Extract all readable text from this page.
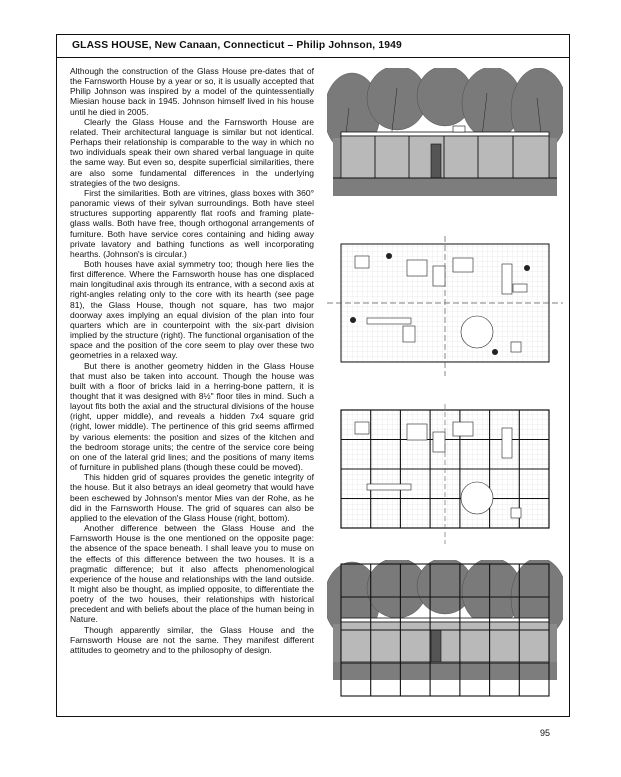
GLASS HOUSE, New Canaan, Connecticut – Philip Johnson, 1949

Although the construction of the Glass House pre-dates that of the Farnsworth House by a year or so, it is usually accepted that Philip Johnson was inspired by a model of the quintessentially Miesian house back in 1945. Johnson himself lived in his house until he died in 2005.

Clearly the Glass House and the Farnsworth House are related. Their architectural language is similar but not identical. Perhaps their relationship is comparable to the way in which no two individuals speak their own shared verbal language in quite the same way. But even so, despite superficial similarities, there are also some fundamental differences in the underlying strategies of the two designs.

First the similarities. Both are vitrines, glass boxes with 360° panoramic views of their sylvan surroundings. Both have steel structures supporting apparently flat roofs and framing plate-glass walls. Both have free, though orthogonal arrangements of furniture. Both have service cores containing and hiding away private lavatory and bathing functions as well incorporating hearths. (Johnson's is circular.)

Both houses have axial symmetry too; though here lies the first difference. Where the Farnsworth house has one displaced main longitudinal axis through its entrance, with a second axis at right-angles relating only to the core with its hearth (see page 81), the Glass House, though not square, has two major doorway axes implying an equal division of the plan into four quarters which are in counterpoint with the six-part division implied by the structure (right). The functional organisation of the space and the position of the core seem to play over these two geometries in a relaxed way.

But there is another geometry hidden in the Glass House that must also be taken into account. Though the house was built with a floor of bricks laid in a herring-bone pattern, it is thought that it was designed with 8½" floor tiles in mind. Such a layout fits both the axial and the structural divisions of the house (right, upper middle), and reveals a hidden 7x4 square grid (right, lower middle). The pertinence of this grid seems affirmed by various elements: the position and sizes of the kitchen and the bedroom storage units; the centre of the service core being on one of the lateral grid lines; and the positions of many items of furniture in published plans (though these could be moved).

This hidden grid of squares provides the genetic integrity of the house. But it also betrays an ideal geometry that would have been eschewed by Johnson's mentor Mies van der Rohe, as he did in the Farnsworth House. The grid of squares can also be applied to the elevation of the Glass House (right, bottom).

Another difference between the Glass House and the Farnsworth House is the one mentioned on the opposite page: the absence of the space beneath. I shall leave you to muse on the effects of this difference between the two houses. It is a pragmatic difference; but it also affects phenomenological experience of the house and relationships with the land outside. It might also be thought, as implied opposite, to differentiate the poetry of the two houses, their relationships with historical precedent and with beliefs about the place of the human being in Nature.

Though apparently similar, the Glass House and the Farnsworth House are not the same. They manifest different attitudes to geometry and to the philosophy of design.

95
